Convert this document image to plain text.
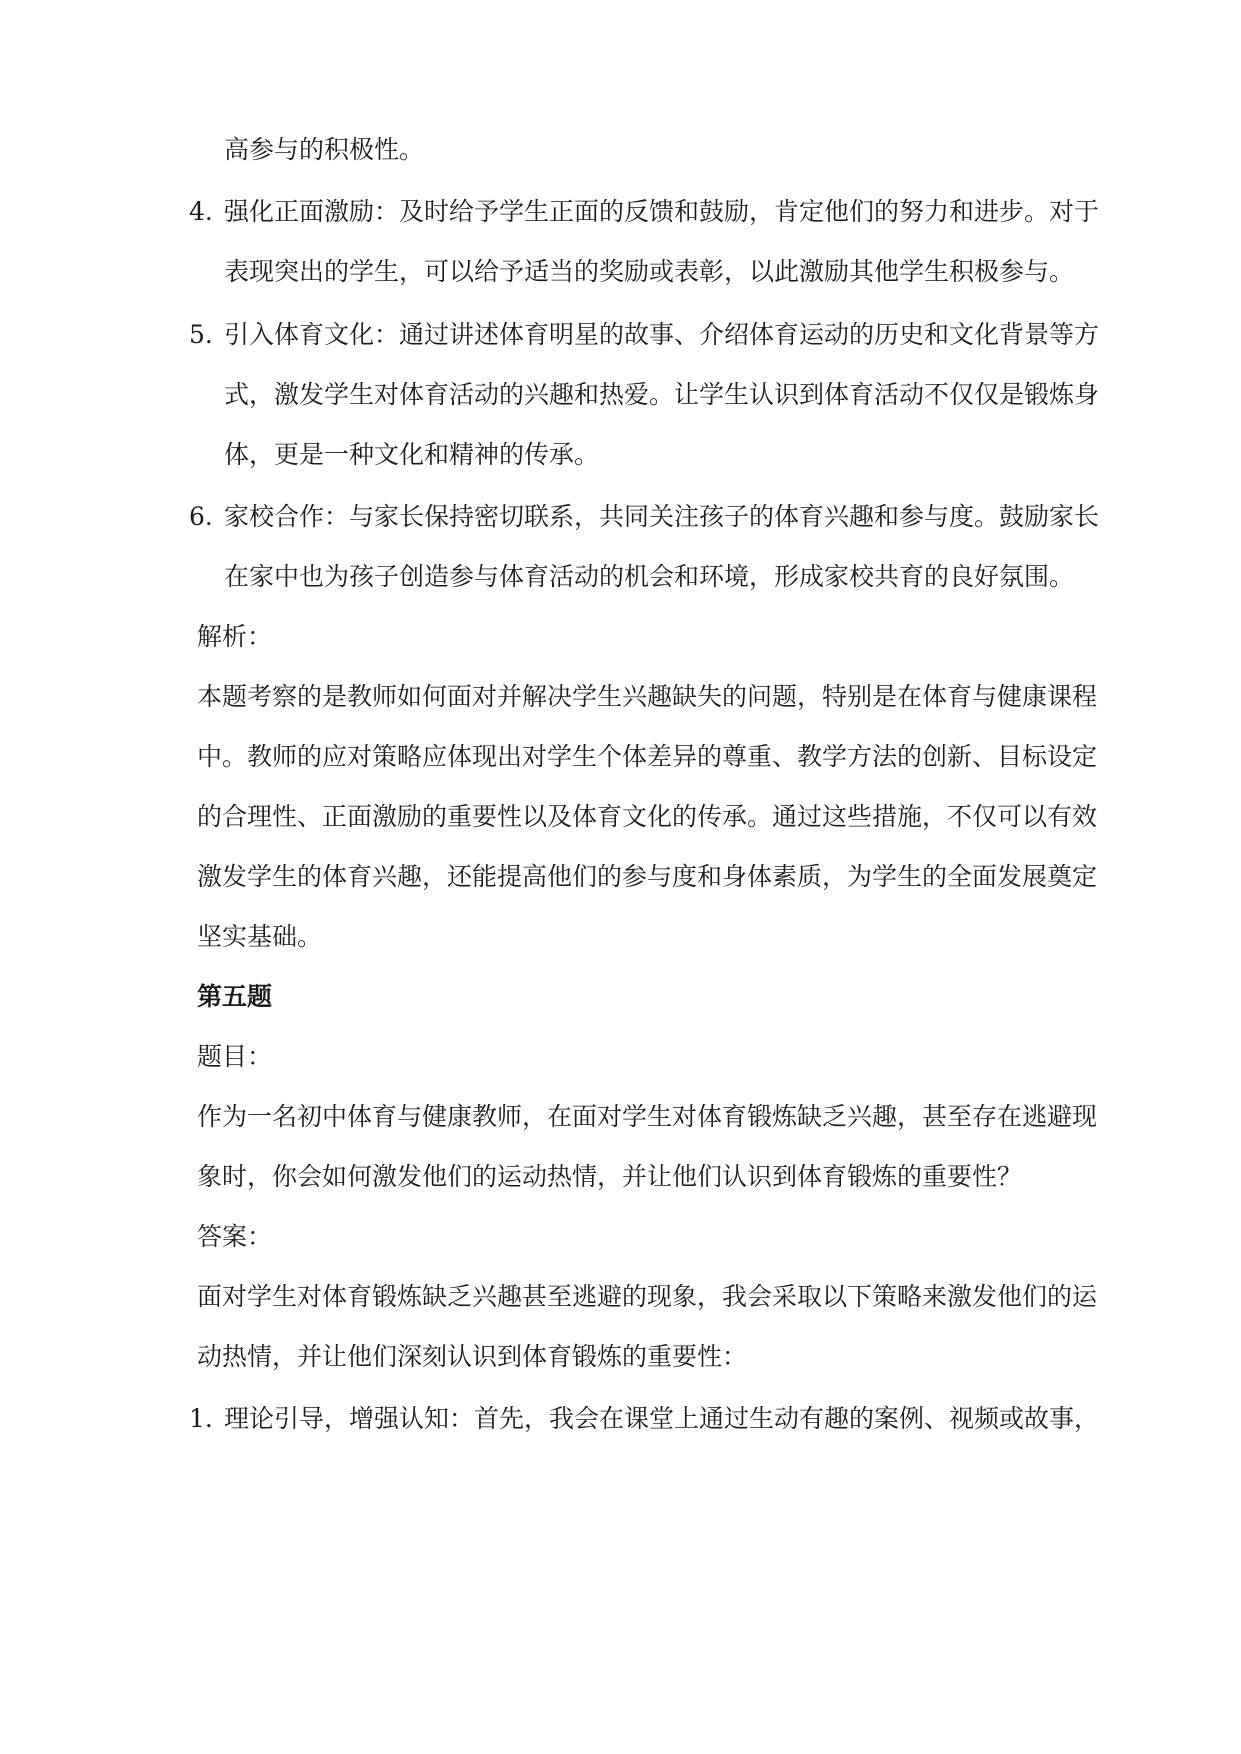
高参与的积极性。
4. 强化正面激励：及时给予学生正面的反馈和鼓励，肯定他们的努力和进步。对于
表现突出的学生，可以给予适当的奖励或表彰，以此激励其他学生积极参与。
5. 引入体育文化：通过讲述体育明星的故事、介绍体育运动的历史和文化背景等方
式，激发学生对体育活动的兴趣和热爱。让学生认识到体育活动不仅仅是锻炼身
体，更是一种文化和精神的传承。
6. 家校合作：与家长保持密切联系，共同关注孩子的体育兴趣和参与度。鼓励家长
在家中也为孩子创造参与体育活动的机会和环境，形成家校共育的良好氛围。
解析：
本题考察的是教师如何面对并解决学生兴趣缺失的问题，特别是在体育与健康课程
中。教师的应对策略应体现出对学生个体差异的尊重、教学方法的创新、目标设定
的合理性、正面激励的重要性以及体育文化的传承。通过这些措施，不仅可以有效
激发学生的体育兴趣，还能提高他们的参与度和身体素质，为学生的全面发展奠定
坚实基础。
第五题
题目：
作为一名初中体育与健康教师，在面对学生对体育锻炼缺乏兴趣，甚至存在逃避现
象时，你会如何激发他们的运动热情，并让他们认识到体育锻炼的重要性？
答案：
面对学生对体育锻炼缺乏兴趣甚至逃避的现象，我会采取以下策略来激发他们的运
动热情，并让他们深刻认识到体育锻炼的重要性：
1. 理论引导，增强认知：首先，我会在课堂上通过生动有趣的案例、视频或故事，
